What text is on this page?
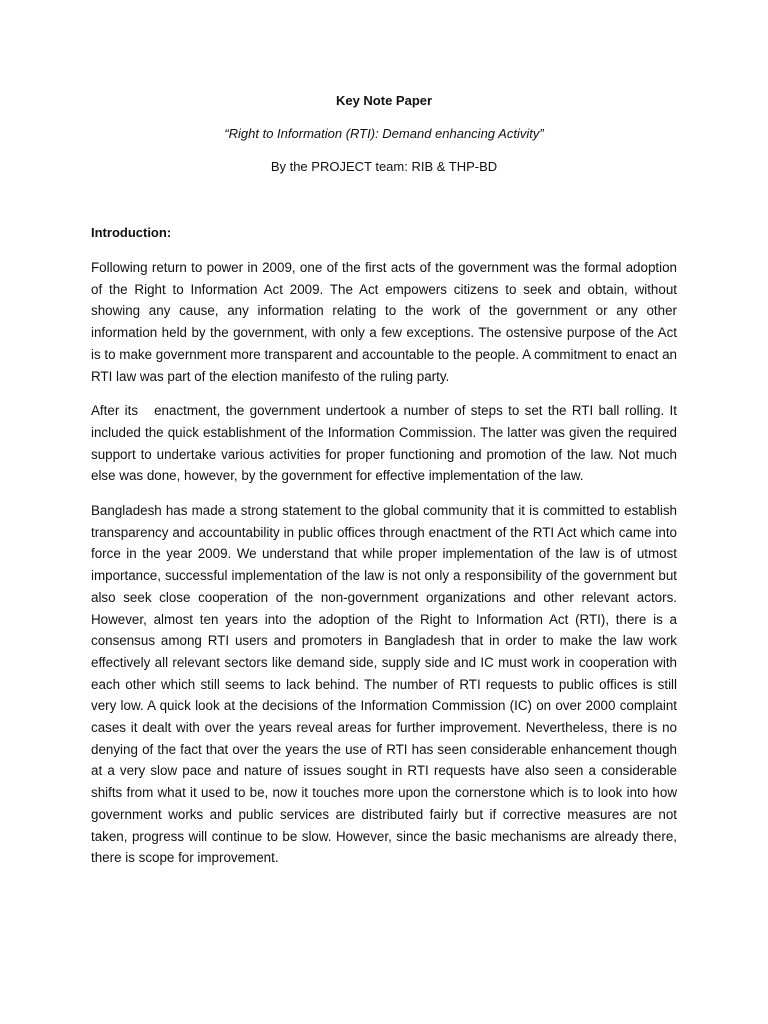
Key Note Paper
“Right to Information (RTI): Demand enhancing Activity”
By the PROJECT team: RIB & THP-BD
Introduction:

Following return to power in 2009, one of the first acts of the government was the formal adoption of the Right to Information Act 2009. The Act empowers citizens to seek and obtain, without showing any cause, any information relating to the work of the government or any other information held by the government, with only a few exceptions. The ostensive purpose of the Act is to make government more transparent and accountable to the people. A commitment to enact an RTI law was part of the election manifesto of the ruling party.

After its   enactment, the government undertook a number of steps to set the RTI ball rolling. It included the quick establishment of the Information Commission. The latter was given the required support to undertake various activities for proper functioning and promotion of the law. Not much else was done, however, by the government for effective implementation of the law.

Bangladesh has made a strong statement to the global community that it is committed to establish transparency and accountability in public offices through enactment of the RTI Act which came into force in the year 2009. We understand that while proper implementation of the law is of utmost importance, successful implementation of the law is not only a responsibility of the government but also seek close cooperation of the non-government organizations and other relevant actors. However, almost ten years into the adoption of the Right to Information Act (RTI), there is a consensus among RTI users and promoters in Bangladesh that in order to make the law work effectively all relevant sectors like demand side, supply side and IC must work in cooperation with each other which still seems to lack behind. The number of RTI requests to public offices is still very low. A quick look at the decisions of the Information Commission (IC) on over 2000 complaint cases it dealt with over the years reveal areas for further improvement. Nevertheless, there is no denying of the fact that over the years the use of RTI has seen considerable enhancement though at a very slow pace and nature of issues sought in RTI requests have also seen a considerable shifts from what it used to be, now it touches more upon the cornerstone which is to look into how government works and public services are distributed fairly but if corrective measures are not taken, progress will continue to be slow. However, since the basic mechanisms are already there, there is scope for improvement.
